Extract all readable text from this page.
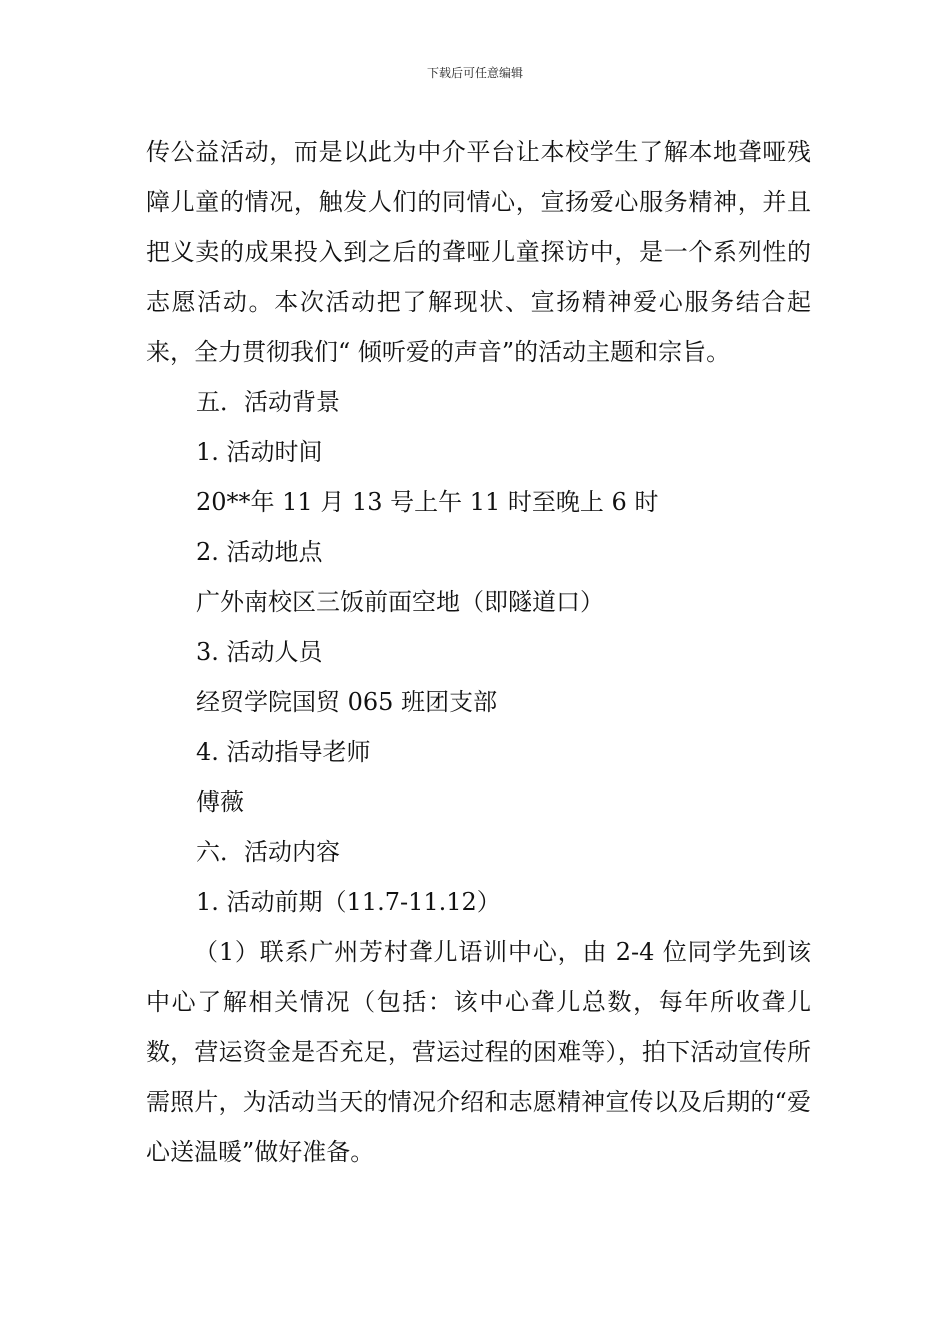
下载后可任意编辑

传公益活动，而是以此为中介平台让本校学生了解本地聋哑残障儿童的情况，触发人们的同情心，宣扬爱心服务精神，并且把义卖的成果投入到之后的聋哑儿童探访中，是一个系列性的志愿活动。本次活动把了解现状、宣扬精神爱心服务结合起来，全力贯彻我们“ 倾听爱的声音”的活动主题和宗旨。

五．活动背景

1. 活动时间

20**年 11 月 13 号上午 11 时至晚上 6 时

2. 活动地点

广外南校区三饭前面空地（即隧道口）

3. 活动人员

经贸学院国贸 065 班团支部

4. 活动指导老师

傅薇

六．活动内容

1. 活动前期（11.7-11.12）

（1）联系广州芳村聋儿语训中心，由 2-4 位同学先到该中心了解相关情况（包括：该中心聋儿总数，每年所收聋儿数，营运资金是否充足，营运过程的困难等），拍下活动宣传所需照片，为活动当天的情况介绍和志愿精神宣传以及后期的“爱心送温暖”做好准备。
